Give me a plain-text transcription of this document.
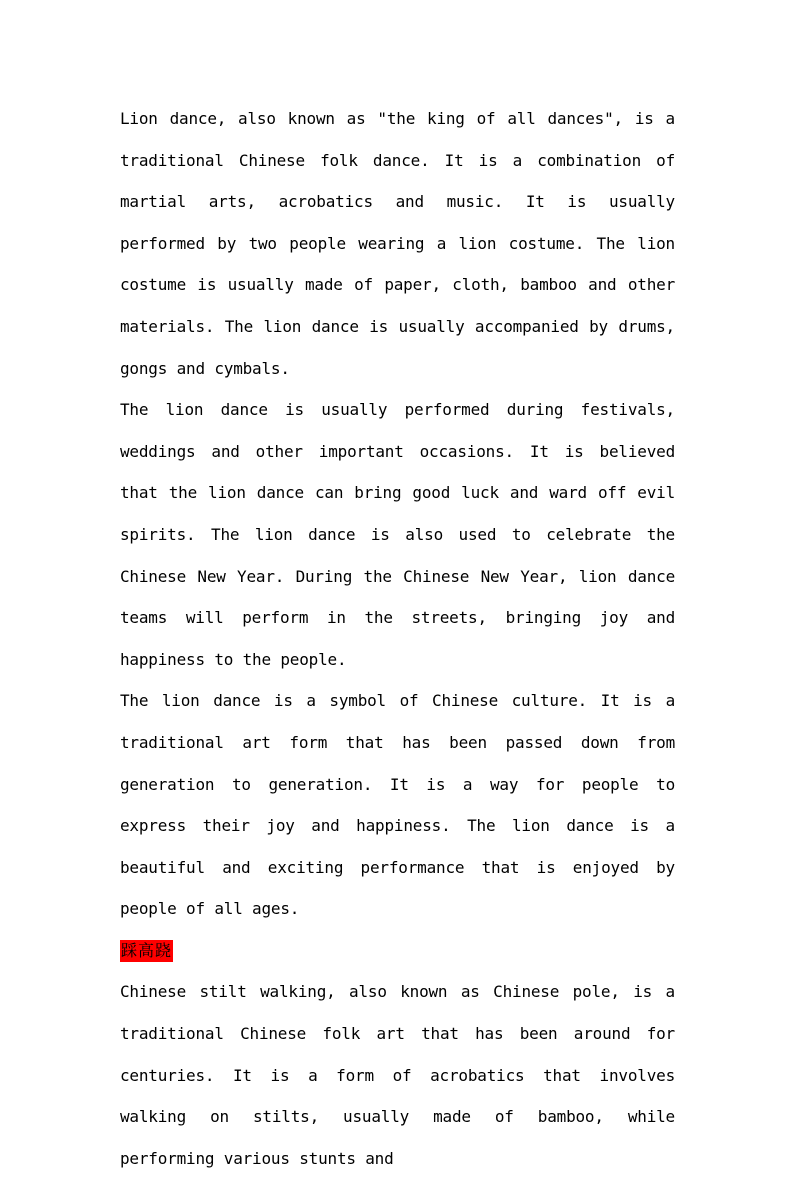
Lion dance, also known as "the king of all dances", is a traditional Chinese folk dance. It is a combination of martial arts, acrobatics and music. It is usually performed by two people wearing a lion costume. The lion costume is usually made of paper, cloth, bamboo and other materials. The lion dance is usually accompanied by drums, gongs and cymbals.

The lion dance is usually performed during festivals, weddings and other important occasions. It is believed that the lion dance can bring good luck and ward off evil spirits. The lion dance is also used to celebrate the Chinese New Year. During the Chinese New Year, lion dance teams will perform in the streets, bringing joy and happiness to the people.

The lion dance is a symbol of Chinese culture. It is a traditional art form that has been passed down from generation to generation. It is a way for people to express their joy and happiness. The lion dance is a beautiful and exciting performance that is enjoyed by people of all ages.

踩高跷

Chinese stilt walking, also known as Chinese pole, is a traditional Chinese folk art that has been around for centuries. It is a form of acrobatics that involves walking on stilts, usually made of bamboo, while performing various stunts and
